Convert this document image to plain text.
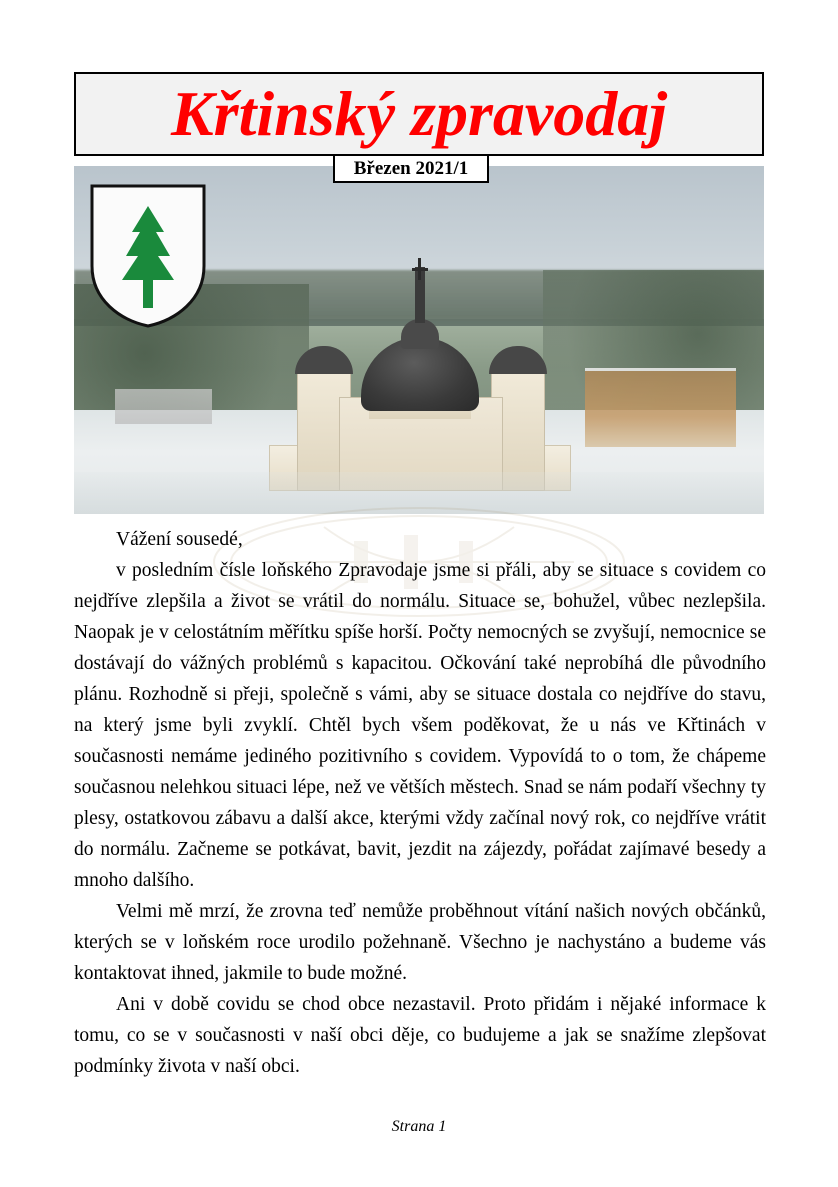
Křtinský zpravodaj
Březen 2021/1

Vážení sousedé,

v posledním čísle loňského Zpravodaje jsme si přáli, aby se situace s covidem co nejdříve zlepšila a život se vrátil do normálu. Situace se, bohužel, vůbec nezlepšila. Naopak je v celostátním měřítku spíše horší. Počty nemocných se zvyšují, nemocnice se dostávají do vážných problémů s kapacitou. Očkování také neprobíhá dle původního plánu. Rozhodně si přeji, společně s vámi, aby se situace dostala co nejdříve do stavu, na který jsme byli zvyklí. Chtěl bych všem poděkovat, že u nás ve Křtinách v současnosti nemáme jediného pozitivního s covidem. Vypovídá to o tom, že chápeme současnou nelehkou situaci lépe, než ve větších městech. Snad se nám podaří všechny ty plesy, ostatkovou zábavu a další akce, kterými vždy začínal nový rok, co nejdříve vrátit do normálu. Začneme se potkávat, bavit, jezdit na zájezdy, pořádat zajímavé besedy a mnoho dalšího.

Velmi mě mrzí, že zrovna teď nemůže proběhnout vítání našich nových občánků, kterých se v loňském roce urodilo požehnaně. Všechno je nachystáno a budeme vás kontaktovat ihned, jakmile to bude možné.

Ani v době covidu se chod obce nezastavil. Proto přidám i nějaké informace k tomu, co se v současnosti v naší obci děje, co budujeme a jak se snažíme zlepšovat podmínky života v naší obci.

Strana 1
